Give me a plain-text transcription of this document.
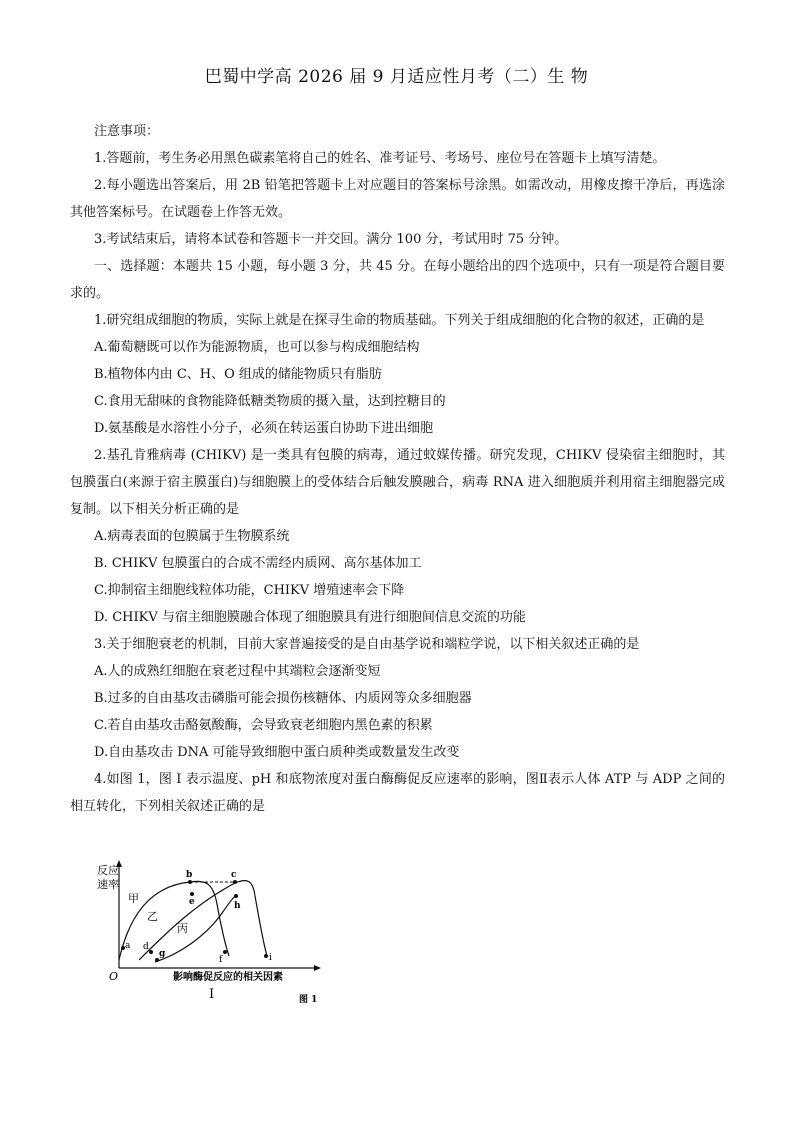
巴蜀中学高 2026 届 9 月适应性月考（二）生 物

注意事项：

1.答题前，考生务必用黑色碳素笔将自己的姓名、准考证号、考场号、座位号在答题卡上填写清楚。

2.每小题选出答案后，用 2B 铅笔把答题卡上对应题目的答案标号涂黑。如需改动，用橡皮擦干净后，再选涂其他答案标号。在试题卷上作答无效。

3.考试结束后，请将本试卷和答题卡一并交回。满分 100 分，考试用时 75 分钟。

一、选择题：本题共 15 小题，每小题 3 分，共 45 分。在每小题给出的四个选项中，只有一项是符合题目要求的。

1.研究组成细胞的物质，实际上就是在探寻生命的物质基础。下列关于组成细胞的化合物的叙述，正确的是

A.葡萄糖既可以作为能源物质，也可以参与构成细胞结构

B.植物体内由 C、H、O 组成的储能物质只有脂肪

C.食用无甜味的食物能降低糖类物质的摄入量，达到控糖目的

D.氨基酸是水溶性小分子，必须在转运蛋白协助下进出细胞

2.基孔肯雅病毒 (CHIKV) 是一类具有包膜的病毒，通过蚊媒传播。研究发现，CHIKV 侵染宿主细胞时，其包膜蛋白(来源于宿主膜蛋白)与细胞膜上的受体结合后触发膜融合，病毒 RNA 进入细胞质并利用宿主细胞器完成复制。以下相关分析正确的是

A.病毒表面的包膜属于生物膜系统

B. CHIKV 包膜蛋白的合成不需经内质网、高尔基体加工

C.抑制宿主细胞线粒体功能，CHIKV 增殖速率会下降

D. CHIKV 与宿主细胞膜融合体现了细胞膜具有进行细胞间信息交流的功能

3.关于细胞衰老的机制，目前大家普遍接受的是自由基学说和端粒学说，以下相关叙述正确的是

A.人的成熟红细胞在衰老过程中其端粒会逐渐变短

B.过多的自由基攻击磷脂可能会损伤核糖体、内质网等众多细胞器

C.若自由基攻击酪氨酸酶，会导致衰老细胞内黑色素的积累

D.自由基攻击 DNA 可能导致细胞中蛋白质种类或数量发生改变

4.如图 1，图 I 表示温度、pH 和底物浓度对蛋白酶酶促反应速率的影响，图Ⅱ表示人体 ATP 与 ADP 之间的相互转化，下列相关叙述正确的是

反应
速率
O	影响酶促反应的相关因素
I	图 1
甲
乙
丙
a
b	c
d
e
f
g
h
i
